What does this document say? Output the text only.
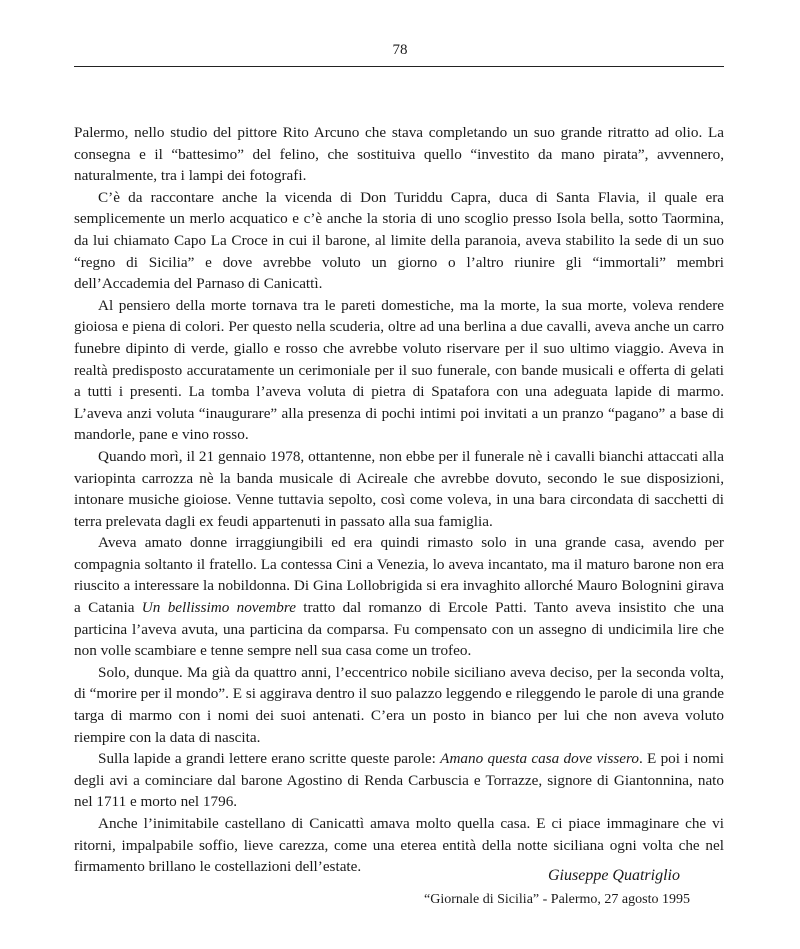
78

Palermo, nello studio del pittore Rito Arcuno che stava completando un suo grande ritratto ad olio. La consegna e il “battesimo” del felino, che sostituiva quello “investito da mano pirata”, avvennero, naturalmente, tra i lampi dei fotografi.

C’è da raccontare anche la vicenda di Don Turiddu Capra, duca di Santa Flavia, il quale era semplicemente un merlo acquatico e c’è anche la storia di uno scoglio presso Isola bella, sotto Taormina, da lui chiamato Capo La Croce in cui il barone, al limite della paranoia, aveva stabilito la sede di un suo “regno di Sicilia” e dove avrebbe voluto un giorno o l’altro riunire gli “immortali” membri dell’Accademia del Parnaso di Canicattì.

Al pensiero della morte tornava tra le pareti domestiche, ma la morte, la sua morte, voleva rendere gioiosa e piena di colori. Per questo nella scuderia, oltre ad una berlina a due cavalli, aveva anche un carro funebre dipinto di verde, giallo e rosso che avrebbe voluto riservare per il suo ultimo viaggio. Aveva in realtà predisposto accuratamente un cerimoniale per il suo funerale, con bande musicali e offerta di gelati a tutti i presenti. La tomba l’aveva voluta di pietra di Spatafora con una adeguata lapide di marmo. L’aveva anzi voluta “inaugurare” alla presenza di pochi intimi poi invitati a un pranzo “pagano” a base di mandorle, pane e vino rosso.

Quando morì, il 21 gennaio 1978, ottantenne, non ebbe per il funerale nè i cavalli bianchi attaccati alla variopinta carrozza nè la banda musicale di Acireale che avrebbe dovuto, secondo le sue disposizioni, intonare musiche gioiose. Venne tuttavia sepolto, così come voleva, in una bara circondata di sacchetti di terra prelevata dagli ex feudi appartenuti in passato alla sua famiglia.

Aveva amato donne irraggiungibili ed era quindi rimasto solo in una grande casa, avendo per compagnia soltanto il fratello. La contessa Cini a Venezia, lo aveva incantato, ma il maturo barone non era riuscito a interessare la nobildonna. Di Gina Lollobrigida si era invaghito allorché Mauro Bolognini girava a Catania Un bellissimo novembre tratto dal romanzo di Ercole Patti. Tanto aveva insistito che una particina l’aveva avuta, una particina da comparsa. Fu compensato con un assegno di undicimila lire che non volle scambiare e tenne sempre nell sua casa come un trofeo.

Solo, dunque. Ma già da quattro anni, l’eccentrico nobile siciliano aveva deciso, per la seconda volta, di “morire per il mondo”. E si aggirava dentro il suo palazzo leggendo e rileggendo le parole di una grande targa di marmo con i nomi dei suoi antenati. C’era un posto in bianco per lui che non aveva voluto riempire con la data di nascita.

Sulla lapide a grandi lettere erano scritte queste parole: Amano questa casa dove vissero. E poi i nomi degli avi a cominciare dal barone Agostino di Renda Carbuscia e Torrazze, signore di Giantonnina, nato nel 1711 e morto nel 1796.

Anche l’inimitabile castellano di Canicattì amava molto quella casa. E ci piace immaginare che vi ritorni, impalpabile soffio, lieve carezza, come una eterea entità della notte siciliana ogni volta che nel firmamento brillano le costellazioni dell’estate.

Giuseppe Quatriglio
“Giornale di Sicilia” - Palermo, 27 agosto 1995
